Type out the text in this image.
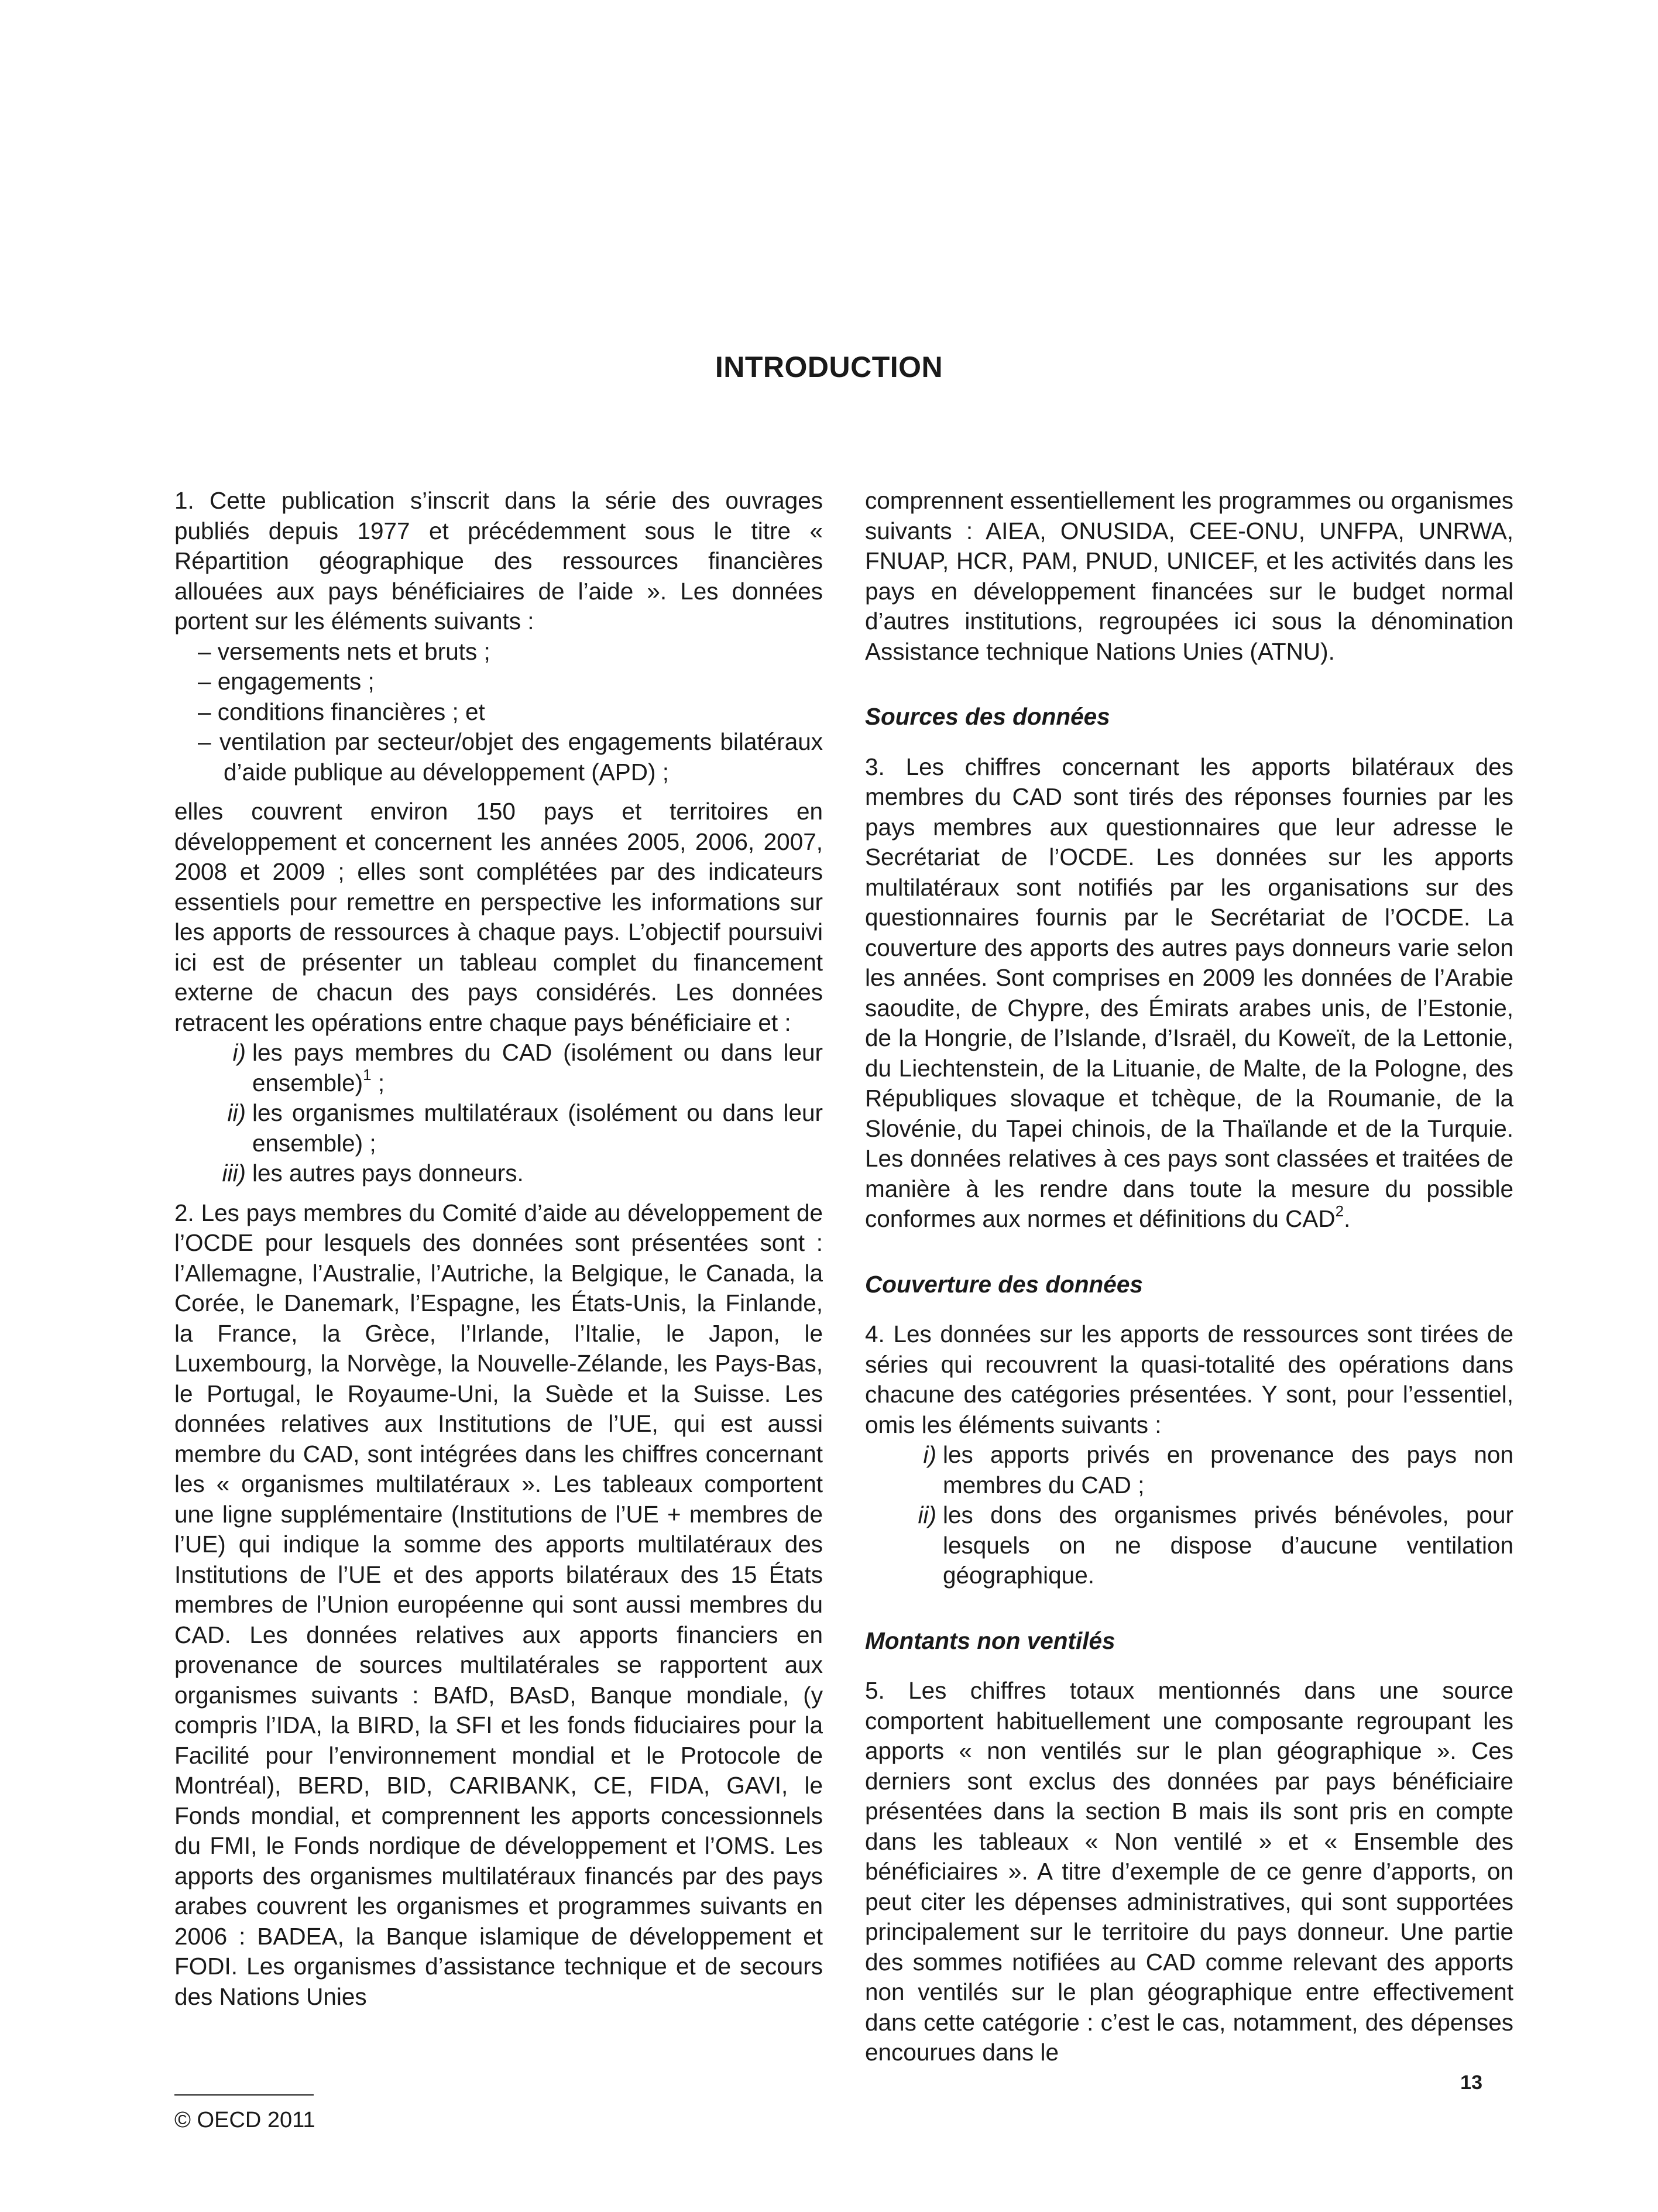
INTRODUCTION

1. Cette publication s’inscrit dans la série des ouvrages publiés depuis 1977 et précédemment sous le titre « Répartition géographique des ressources financières allouées aux pays bénéficiaires de l’aide ». Les données portent sur les éléments suivants :

– versements nets et bruts ;

– engagements ;

– conditions financières ; et

– ventilation par secteur/objet des engagements bilatéraux d’aide publique au développement (APD) ;

elles couvrent environ 150 pays et territoires en développement et concernent les années 2005, 2006, 2007, 2008 et 2009 ; elles sont complétées par des indicateurs essentiels pour remettre en perspective les informations sur les apports de ressources à chaque pays. L’objectif poursuivi ici est de présenter un tableau complet du financement externe de chacun des pays considérés. Les données retracent les opérations entre chaque pays bénéficiaire et :

i) les pays membres du CAD (isolément ou dans leur ensemble)$^1$ ;

ii) les organismes multilatéraux (isolément ou dans leur ensemble) ;

iii) les autres pays donneurs.

2. Les pays membres du Comité d’aide au développement de l’OCDE pour lesquels des données sont présentées sont : l’Allemagne, l’Australie, l’Autriche, la Belgique, le Canada, la Corée, le Danemark, l’Espagne, les États-Unis, la Finlande, la France, la Grèce, l’Irlande, l’Italie, le Japon, le Luxembourg, la Norvège, la Nouvelle-Zélande, les Pays-Bas, le Portugal, le Royaume-Uni, la Suède et la Suisse. Les données relatives aux Institutions de l’UE, qui est aussi membre du CAD, sont intégrées dans les chiffres concernant les « organismes multilatéraux ». Les tableaux comportent une ligne supplémentaire (Institutions de l’UE + membres de l’UE) qui indique la somme des apports multilatéraux des Institutions de l’UE et des apports bilatéraux des 15 États membres de l’Union européenne qui sont aussi membres du CAD. Les données relatives aux apports financiers en provenance de sources multilatérales se rapportent aux organismes suivants : BAfD, BAsD, Banque mondiale, (y compris l’IDA, la BIRD, la SFI et les fonds fiduciaires pour la Facilité pour l’environnement mondial et le Protocole de Montréal), BERD, BID, CARIBANK, CE, FIDA, GAVI, le Fonds mondial, et comprennent les apports concessionnels du FMI, le Fonds nordique de développement et l’OMS. Les apports des organismes multilatéraux financés par des pays arabes couvrent les organismes et programmes suivants en 2006 : BADEA, la Banque islamique de développement et FODI. Les organismes d’assistance technique et de secours des Nations Unies

comprennent essentiellement les programmes ou organismes suivants : AIEA, ONUSIDA, CEE-ONU, UNFPA, UNRWA, FNUAP, HCR, PAM, PNUD, UNICEF, et les activités dans les pays en développement financées sur le budget normal d’autres institutions, regroupées ici sous la dénomination Assistance technique Nations Unies (ATNU).

Sources des données

3. Les chiffres concernant les apports bilatéraux des membres du CAD sont tirés des réponses fournies par les pays membres aux questionnaires que leur adresse le Secrétariat de l’OCDE. Les données sur les apports multilatéraux sont notifiés par les organisations sur des questionnaires fournis par le Secrétariat de l’OCDE. La couverture des apports des autres pays donneurs varie selon les années. Sont comprises en 2009 les données de l’Arabie saoudite, de Chypre, des Émirats arabes unis, de l’Estonie, de la Hongrie, de l’Islande, d’Israël, du Koweït, de la Lettonie, du Liechtenstein, de la Lituanie, de Malte, de la Pologne, des Républiques slovaque et tchèque, de la Roumanie, de la Slovénie, du Tapei chinois, de la Thaïlande et de la Turquie. Les données relatives à ces pays sont classées et traitées de manière à les rendre dans toute la mesure du possible conformes aux normes et définitions du CAD$^2$.

Couverture des données

4. Les données sur les apports de ressources sont tirées de séries qui recouvrent la quasi-totalité des opérations dans chacune des catégories présentées. Y sont, pour l’essentiel, omis les éléments suivants :

i) les apports privés en provenance des pays non membres du CAD ;

ii) les dons des organismes privés bénévoles, pour lesquels on ne dispose d’aucune ventilation géographique.

Montants non ventilés

5. Les chiffres totaux mentionnés dans une source comportent habituellement une composante regroupant les apports « non ventilés sur le plan géographique ». Ces derniers sont exclus des données par pays bénéficiaire présentées dans la section B mais ils sont pris en compte dans les tableaux « Non ventilé » et « Ensemble des bénéficiaires ». A titre d’exemple de ce genre d’apports, on peut citer les dépenses administratives, qui sont supportées principalement sur le territoire du pays donneur. Une partie des sommes notifiées au CAD comme relevant des apports non ventilés sur le plan géographique entre effectivement dans cette catégorie : c’est le cas, notamment, des dépenses encourues dans le

© OECD 2011
13
